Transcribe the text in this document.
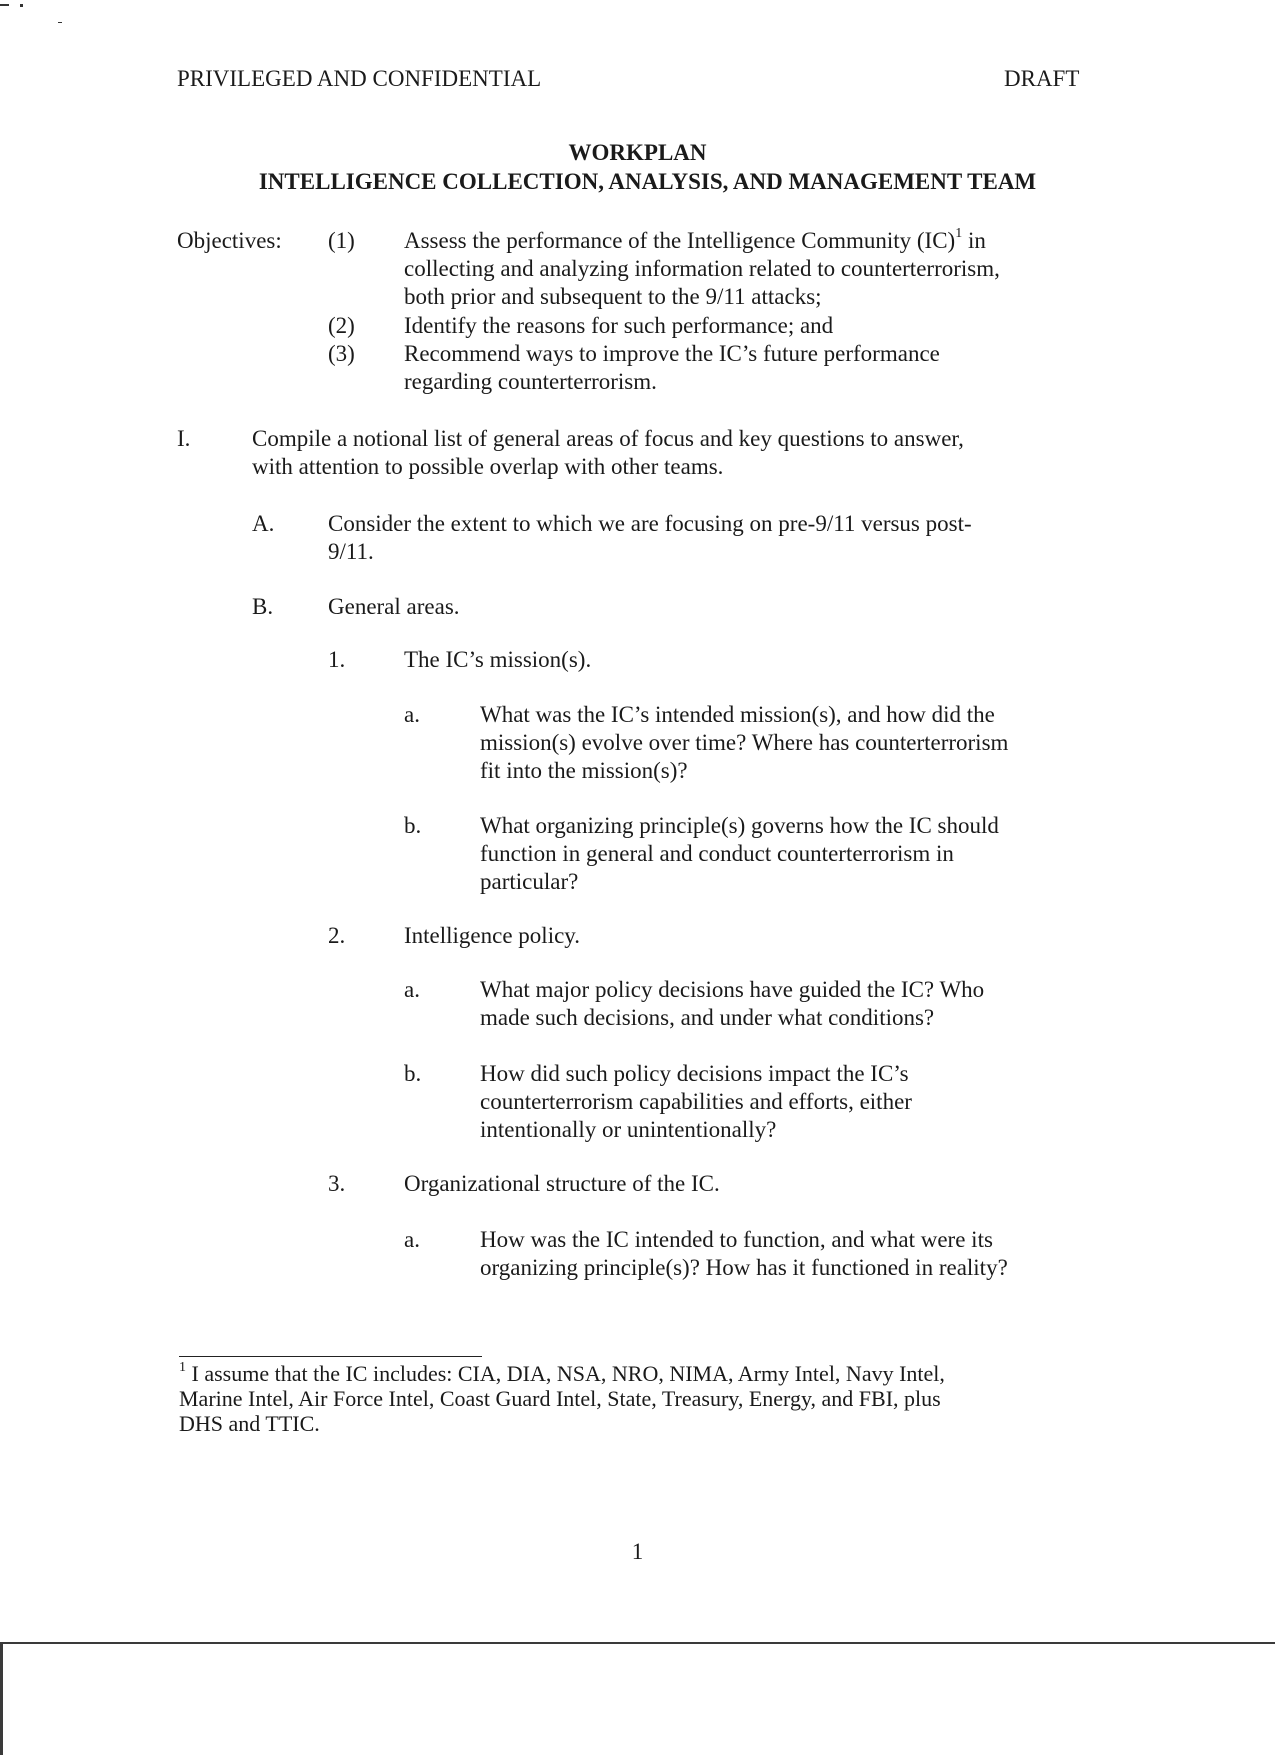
PRIVILEGED AND CONFIDENTIAL	DRAFT
WORKPLAN
INTELLIGENCE COLLECTION, ANALYSIS, AND MANAGEMENT TEAM
Objectives: (1) Assess the performance of the Intelligence Community (IC)$^1$ in
collecting and analyzing information related to counterterrorism,
both prior and subsequent to the 9/11 attacks;
(2) Identify the reasons for such performance; and
(3) Recommend ways to improve the IC’s future performance
regarding counterterrorism.
I.	Compile a notional list of general areas of focus and key questions to answer,
with attention to possible overlap with other teams.
A. Consider the extent to which we are focusing on pre-9/11 versus post-
9/11.
B. General areas.
1.	The IC’s mission(s).
a.	What was the IC’s intended mission(s), and how did the
mission(s) evolve over time? Where has counterterrorism
fit into the mission(s)?
b.	What organizing principle(s) governs how the IC should
function in general and conduct counterterrorism in
particular?
2.	Intelligence policy.
a.	What major policy decisions have guided the IC? Who
made such decisions, and under what conditions?
b.	How did such policy decisions impact the IC’s
counterterrorism capabilities and efforts, either
intentionally or unintentionally?
3.	Organizational structure of the IC.
a.	How was the IC intended to function, and what were its
organizing principle(s)? How has it functioned in reality?
$^1$ I assume that the IC includes: CIA, DIA, NSA, NRO, NIMA, Army Intel, Navy Intel,
Marine Intel, Air Force Intel, Coast Guard Intel, State, Treasury, Energy, and FBI, plus
DHS and TTIC.
1
